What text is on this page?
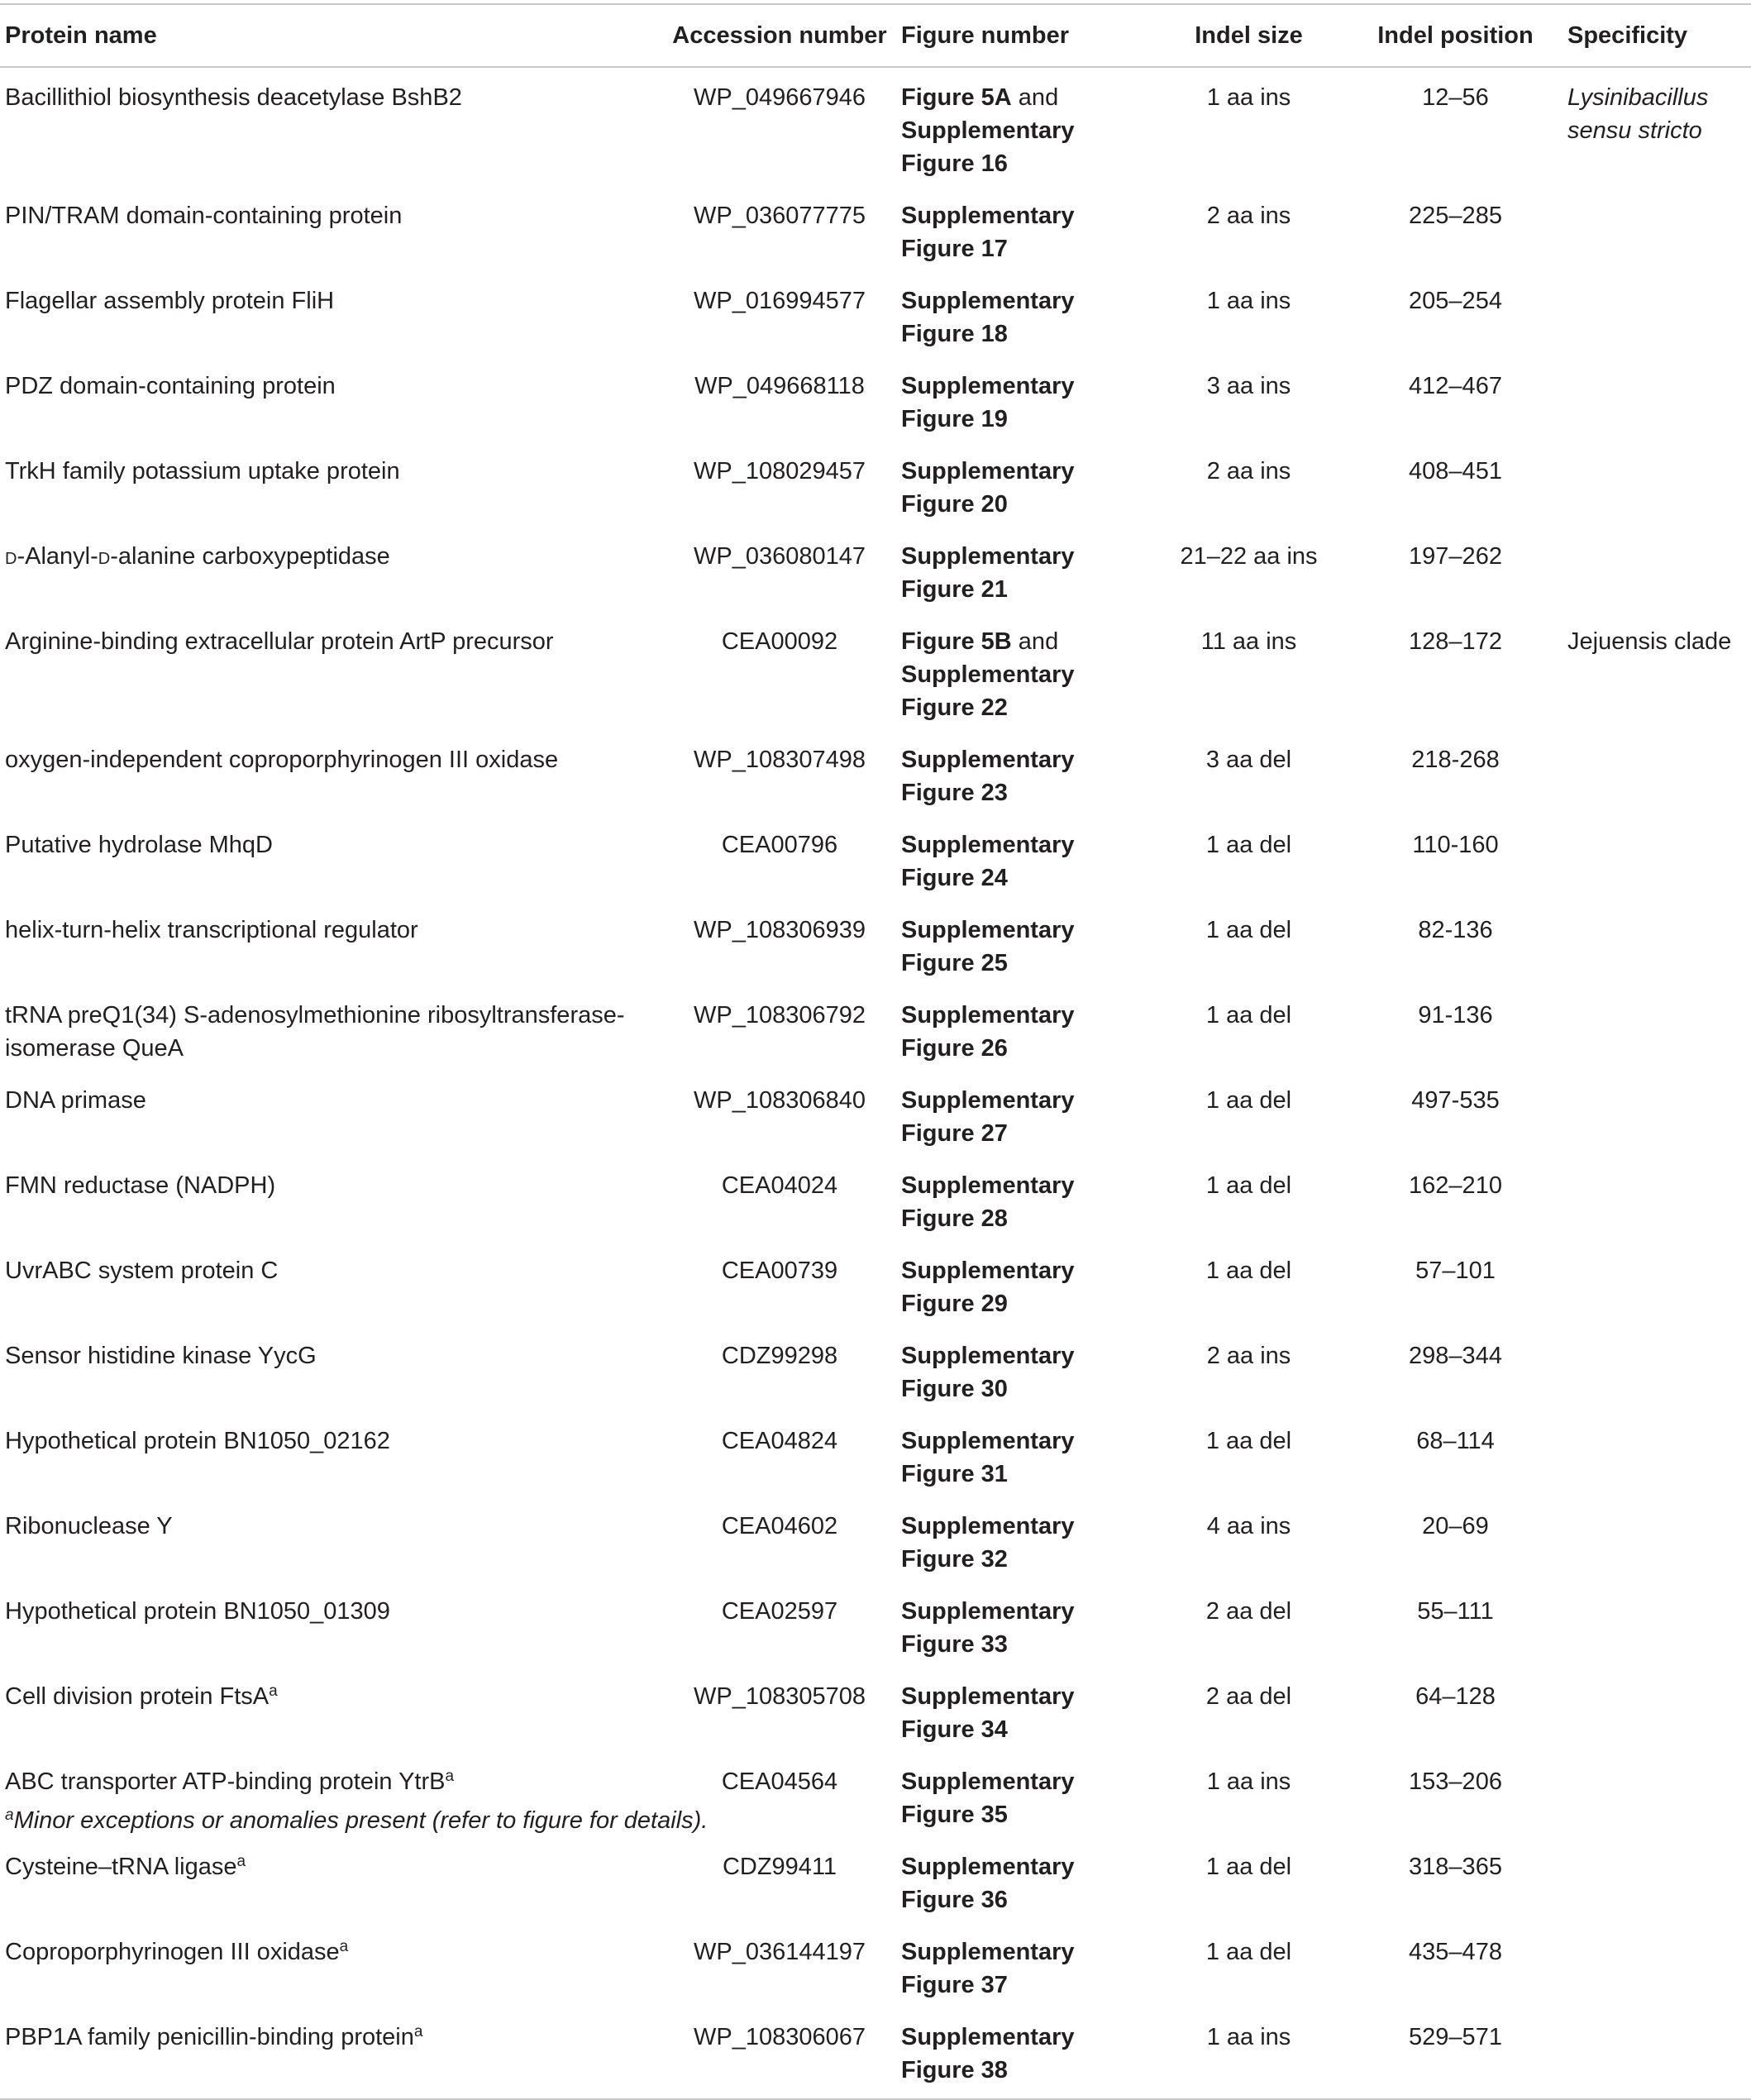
Protein name	Accession number	Figure number	Indel size	Indel position	Specificity
Bacillithiol biosynthesis deacetylase BshB2	WP_049667946	Figure 5A and Supplementary Figure 16	1 aa ins	12–56	Lysinibacillus sensu stricto
PIN/TRAM domain-containing protein	WP_036077775	Supplementary Figure 17	2 aa ins	225–285	
Flagellar assembly protein FliH	WP_016994577	Supplementary Figure 18	1 aa ins	205–254	
PDZ domain-containing protein	WP_049668118	Supplementary Figure 19	3 aa ins	412–467	
TrkH family potassium uptake protein	WP_108029457	Supplementary Figure 20	2 aa ins	408–451	
d-Alanyl-d-alanine carboxypeptidase	WP_036080147	Supplementary Figure 21	21–22 aa ins	197–262	
Arginine-binding extracellular protein ArtP precursor	CEA00092	Figure 5B and Supplementary Figure 22	11 aa ins	128–172	Jejuensis clade
oxygen-independent coproporphyrinogen III oxidase	WP_108307498	Supplementary Figure 23	3 aa del	218-268	
Putative hydrolase MhqD	CEA00796	Supplementary Figure 24	1 aa del	110-160	
helix-turn-helix transcriptional regulator	WP_108306939	Supplementary Figure 25	1 aa del	82-136	
tRNA preQ1(34) S-adenosylmethionine ribosyltransferase-isomerase QueA	WP_108306792	Supplementary Figure 26	1 aa del	91-136	
DNA primase	WP_108306840	Supplementary Figure 27	1 aa del	497-535	
FMN reductase (NADPH)	CEA04024	Supplementary Figure 28	1 aa del	162–210	
UvrABC system protein C	CEA00739	Supplementary Figure 29	1 aa del	57–101	
Sensor histidine kinase YycG	CDZ99298	Supplementary Figure 30	2 aa ins	298–344	
Hypothetical protein BN1050_02162	CEA04824	Supplementary Figure 31	1 aa del	68–114	
Ribonuclease Y	CEA04602	Supplementary Figure 32	4 aa ins	20–69	
Hypothetical protein BN1050_01309	CEA02597	Supplementary Figure 33	2 aa del	55–111	
Cell division protein FtsA$^a$	WP_108305708	Supplementary Figure 34	2 aa del	64–128	
ABC transporter ATP-binding protein YtrB$^a$	CEA04564	Supplementary Figure 35	1 aa ins	153–206	
Cysteine–tRNA ligase$^a$	CDZ99411	Supplementary Figure 36	1 aa del	318–365	
Coproporphyrinogen III oxidase$^a$	WP_036144197	Supplementary Figure 37	1 aa del	435–478	
PBP1A family penicillin-binding protein$^a$	WP_108306067	Supplementary Figure 38	1 aa ins	529–571	
$^a$Minor exceptions or anomalies present (refer to figure for details).
